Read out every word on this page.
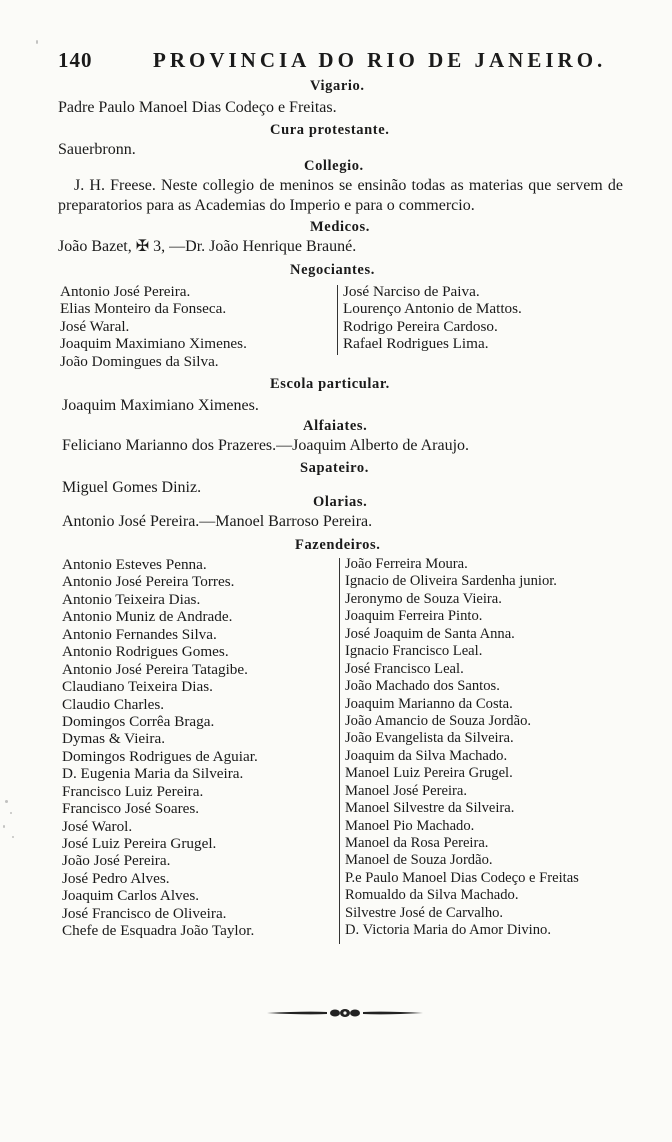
140	PROVINCIA DO RIO DE JANEIRO.
Vigario.
Padre Paulo Manoel Dias Codeço e Freitas.
Cura protestante.
Sauerbronn.
Collegio.
J. H. Freese. Neste collegio de meninos se ensinão todas as materias que servem de preparatorios para as Academias do Imperio e para o commercio.
Medicos.
João Bazet, ✠ 3, —Dr. João Henrique Brauné.
Negociantes.
Antonio José Pereira.
Elias Monteiro da Fonseca.
José Waral.
Joaquim Maximiano Ximenes.
João Domingues da Silva.
José Narciso de Paiva.
Lourenço Antonio de Mattos.
Rodrigo Pereira Cardoso.
Rafael Rodrigues Lima.
Escola particular.
Joaquim Maximiano Ximenes.
Alfaiates.
Feliciano Marianno dos Prazeres.—Joaquim Alberto de Araujo.
Sapateiro.
Miguel Gomes Diniz.
Olarias.
Antonio José Pereira.—Manoel Barroso Pereira.
Fazendeiros.
Antonio Esteves Penna.
Antonio José Pereira Torres.
Antonio Teixeira Dias.
Antonio Muniz de Andrade.
Antonio Fernandes Silva.
Antonio Rodrigues Gomes.
Antonio José Pereira Tatagibe.
Claudiano Teixeira Dias.
Claudio Charles.
Domingos Corrêa Braga.
Dymas & Vieira.
Domingos Rodrigues de Aguiar.
D. Eugenia Maria da Silveira.
Francisco Luiz Pereira.
Francisco José Soares.
José Warol.
José Luiz Pereira Grugel.
João José Pereira.
José Pedro Alves.
Joaquim Carlos Alves.
José Francisco de Oliveira.
Chefe de Esquadra João Taylor.
João Ferreira Moura.
Ignacio de Oliveira Sardenha junior.
Jeronymo de Souza Vieira.
Joaquim Ferreira Pinto.
José Joaquim de Santa Anna.
Ignacio Francisco Leal.
José Francisco Leal.
João Machado dos Santos.
Joaquim Marianno da Costa.
João Amancio de Souza Jordão.
João Evangelista da Silveira.
Joaquim da Silva Machado.
Manoel Luiz Pereira Grugel.
Manoel José Pereira.
Manoel Silvestre da Silveira.
Manoel Pio Machado.
Manoel da Rosa Pereira.
Manoel de Souza Jordão.
P.e Paulo Manoel Dias Codeço e Freitas
Romualdo da Silva Machado.
Silvestre José de Carvalho.
D. Victoria Maria do Amor Divino.
